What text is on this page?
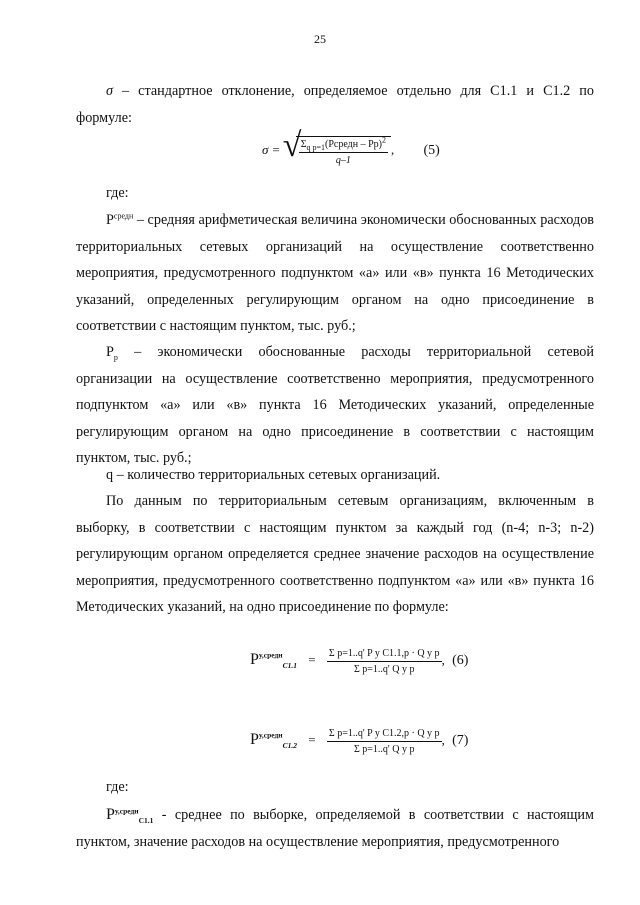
25

σ – стандартное отклонение, определяемое отдельно для С1.1 и С1.2 по формуле:

σ =
√ $\frac{\Sigma_{q p=1}(Pсредн - Pр)^2}{q-1}$ , (5)

где:

$P^{средн}$ – средняя арифметическая величина экономически обоснованных расходов территориальных сетевых организаций на осуществление соответственно мероприятия, предусмотренного подпунктом «а» или «в» пункта 16 Методических указаний, определенных регулирующим органом на одно присоединение в соответствии с настоящим пунктом, тыс. руб.;

$P_р$ – экономически обоснованные расходы территориальной сетевой организации на осуществление соответственно мероприятия, предусмотренного подпунктом «а» или «в» пункта 16 Методических указаний, определенные регулирующим органом на одно присоединение в соответствии с настоящим пунктом, тыс. руб.;

q – количество территориальных сетевых организаций.

По данным по территориальным сетевым организациям, включенным в выборку, в соответствии с настоящим пунктом за каждый год (n-4; n-3; n-2) регулирующим органом определяется среднее значение расходов на осуществление мероприятия, предусмотренного соответственно подпунктом «а» или «в» пункта 16 Методических указаний, на одно присоединение по формуле:

$P^{у,средн}_{C1.1} = \frac{\text{Σ p=1..q' P у C1.1,p · Q у p}}{\text{Σ p=1..q' Q у p}}$ , (6)
$P^{у,средн}_{C1.2} = \frac{\text{Σ p=1..q' P у C1.2,p · Q у p}}{\text{Σ p=1..q' Q у p}}$ , (7)

где:

$P^{у,средн}_{C1.1}$ - среднее по выборке, определяемой в соответствии с настоящим пунктом, значение расходов на осуществление мероприятия, предусмотренного
